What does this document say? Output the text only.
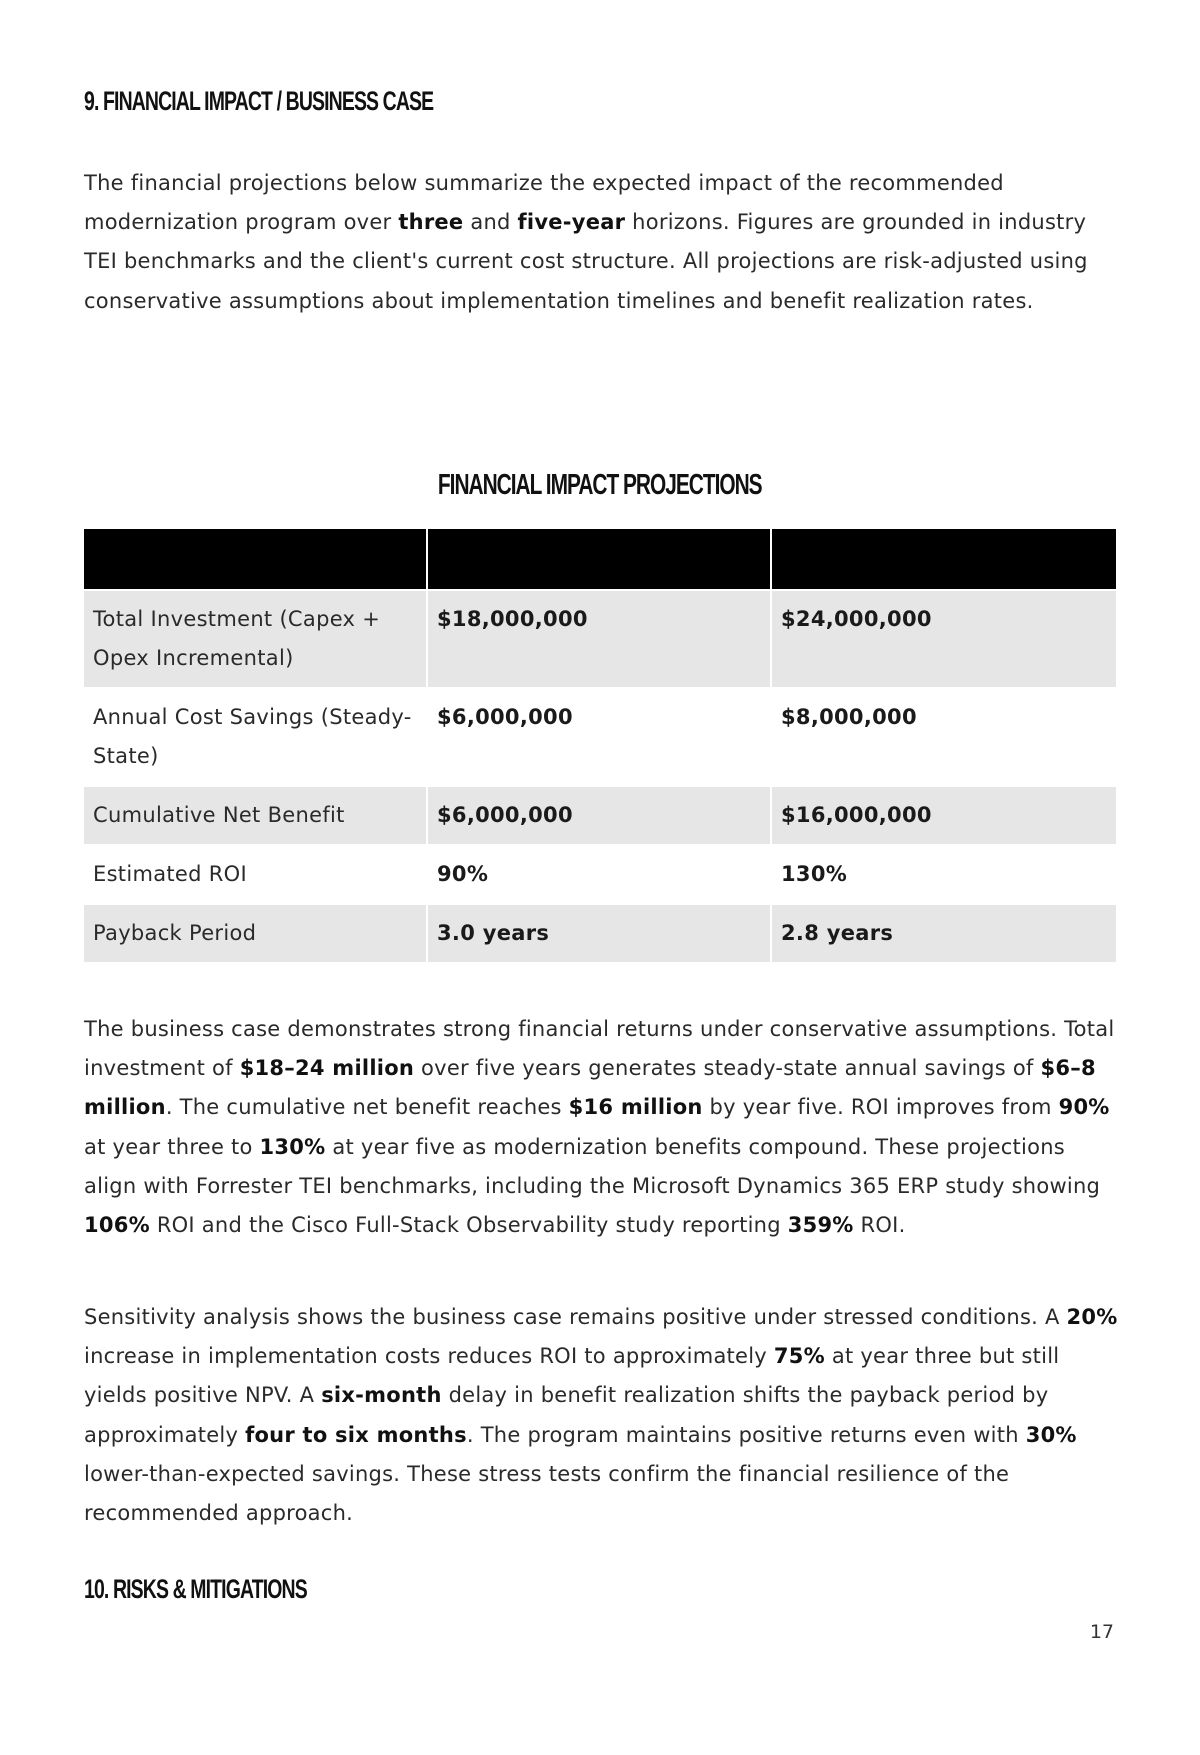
9. FINANCIAL IMPACT / BUSINESS CASE

The financial projections below summarize the expected impact of the recommended modernization program over three and five-year horizons. Figures are grounded in industry TEI benchmarks and the client's current cost structure. All projections are risk-adjusted using conservative assumptions about implementation timelines and benefit realization rates.

FINANCIAL IMPACT PROJECTIONS

Total Investment (Capex + Opex Incremental)	$18,000,000	$24,000,000
Annual Cost Savings (Steady-State)	$6,000,000	$8,000,000
Cumulative Net Benefit	$6,000,000	$16,000,000
Estimated ROI	90%	130%
Payback Period	3.0 years	2.8 years

The business case demonstrates strong financial returns under conservative assumptions. Total investment of $18–24 million over five years generates steady-state annual savings of $6–8 million. The cumulative net benefit reaches $16 million by year five. ROI improves from 90% at year three to 130% at year five as modernization benefits compound. These projections align with Forrester TEI benchmarks, including the Microsoft Dynamics 365 ERP study showing 106% ROI and the Cisco Full-Stack Observability study reporting 359% ROI.

Sensitivity analysis shows the business case remains positive under stressed conditions. A 20% increase in implementation costs reduces ROI to approximately 75% at year three but still yields positive NPV. A six-month delay in benefit realization shifts the payback period by approximately four to six months. The program maintains positive returns even with 30% lower-than-expected savings. These stress tests confirm the financial resilience of the recommended approach.

10. RISKS & MITIGATIONS
17
